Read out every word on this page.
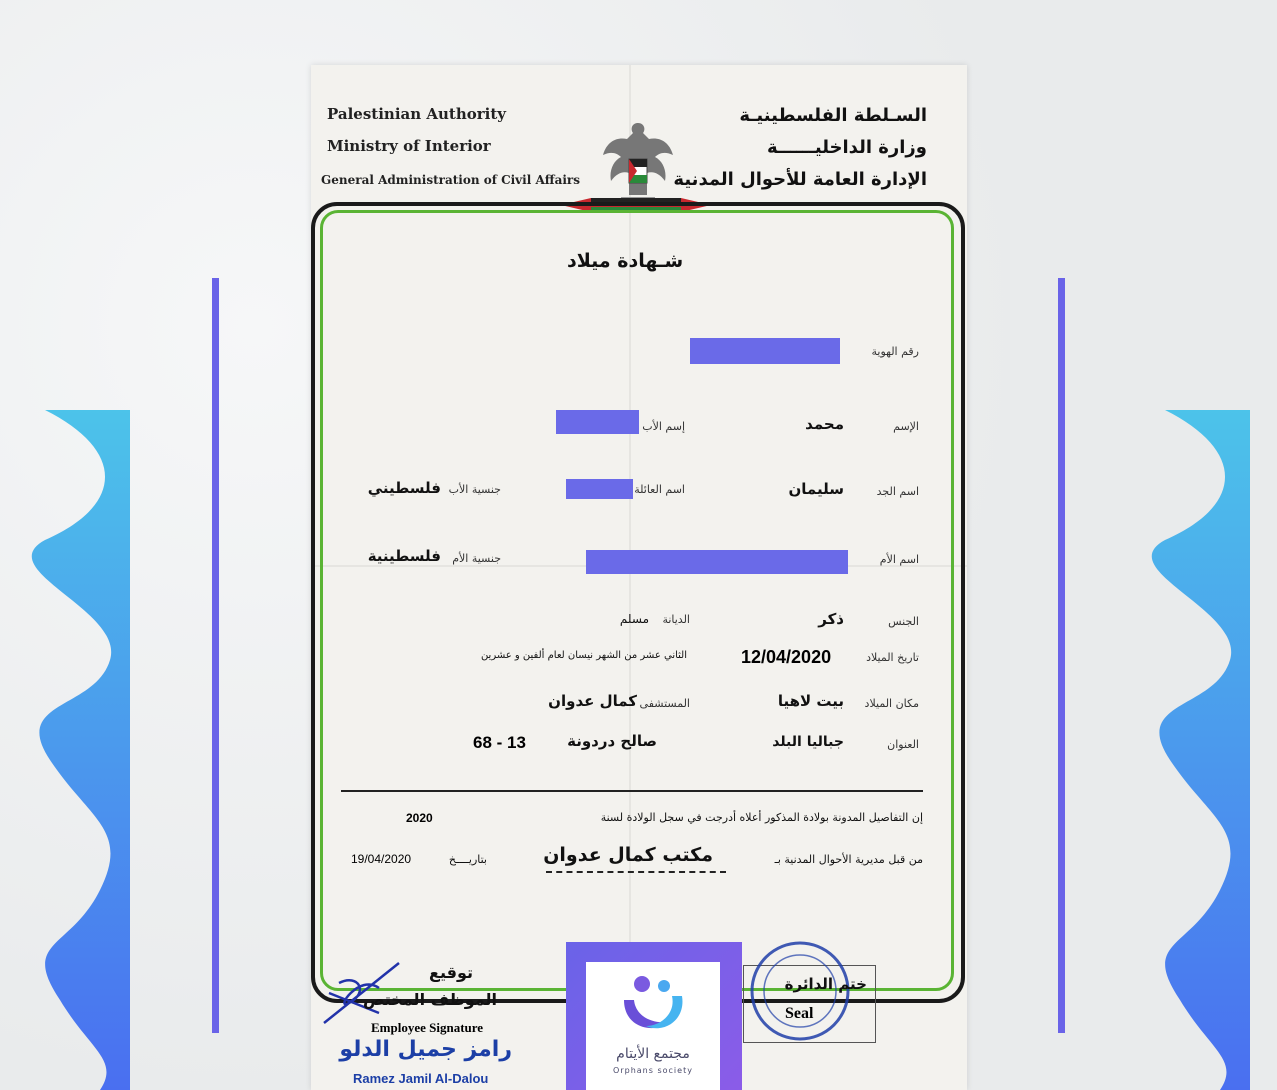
Palestinian Authority
Ministry of Interior
General Administration of Civil Affairs
السـلطة الفلسطينيـة
وزارة الداخليــــــة
الإدارة العامة للأحوال المدنية
شـهادة ميلاد
رقم الهوية
الإسم
محمد
إسم الأب
اسم الجد
سليمان
اسم العائلة
جنسية الأب
فلسطيني
اسم الأم
جنسية الأم
فلسطينية
الجنس
ذكر
الديانة
مسلم
تاريخ الميلاد
12/04/2020
الثاني عشر من الشهر نيسان لعام ألفين و عشرين
مكان الميلاد
بيت لاهيا
المستشفى
كمال عدوان
العنوان
جباليا البلد
صالح دردونة
68 - 13
إن التفاصيل المدونة بولادة المذكور أعلاه أدرجت في سجل الولادة لسنة
2020
من قبل مديرية الأحوال المدنية بـ
مكتب كمال عدوان
بتاريــــخ
19/04/2020
توقيع
الموظف المختص
Employee Signature
رامز جميل الدلو
Ramez Jamil Al-Dalou
مجتمع الأيتام
Orphans society
ختم الدائرة
Seal
